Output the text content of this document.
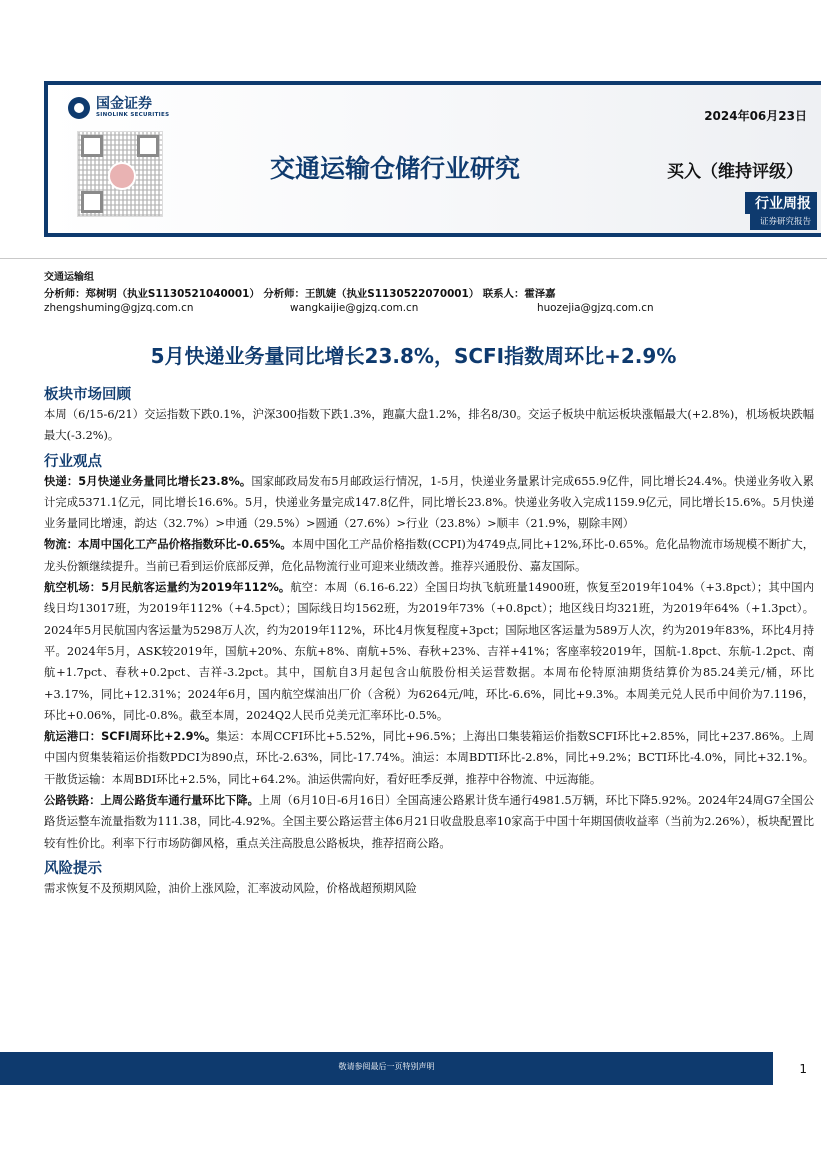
国金证券
SINOLINK SECURITIES	2024年06月23日
交通运输仓储行业研究	买入（维持评级）
行业周报
证券研究报告
交通运输组
分析师：郑树明（执业S1130521040001） 分析师：王凯婕（执业S1130522070001） 联系人：霍泽嘉
zhengshuming@gjzq.com.cn	wangkaijie@gjzq.com.cn	huozejia@gjzq.com.cn
5月快递业务量同比增长23.8%，SCFI指数周环比+2.9%
板块市场回顾

本周（6/15-6/21）交运指数下跌0.1%，沪深300指数下跌1.3%，跑赢大盘1.2%，排名8/30。交运子板块中航运板块涨幅最大(+2.8%)，机场板块跌幅最大(-3.2%)。

行业观点

快递：5月快递业务量同比增长23.8%。国家邮政局发布5月邮政运行情况，1-5月，快递业务量累计完成655.9亿件，同比增长24.4%。快递业务收入累计完成5371.1亿元，同比增长16.6%。5月，快递业务量完成147.8亿件，同比增长23.8%。快递业务收入完成1159.9亿元，同比增长15.6%。5月快递业务量同比增速，韵达（32.7%）>申通（29.5%）>圆通（27.6%）>行业（23.8%）>顺丰（21.9%，剔除丰网）

物流：本周中国化工产品价格指数环比-0.65%。本周中国化工产品价格指数(CCPI)为4749点,同比+12%,环比-0.65%。危化品物流市场规模不断扩大，龙头份额继续提升。当前已看到运价底部反弹，危化品物流行业可迎来业绩改善。推荐兴通股份、嘉友国际。

航空机场：5月民航客运量约为2019年112%。航空：本周（6.16-6.22）全国日均执飞航班量14900班，恢复至2019年104%（+3.8pct）；其中国内线日均13017班，为2019年112%（+4.5pct）；国际线日均1562班，为2019年73%（+0.8pct）；地区线日均321班，为2019年64%（+1.3pct）。2024年5月民航国内客运量为5298万人次，约为2019年112%，环比4月恢复程度+3pct；国际地区客运量为589万人次，约为2019年83%，环比4月持平。2024年5月，ASK较2019年，国航+20%、东航+8%、南航+5%、春秋+23%、吉祥+41%；客座率较2019年，国航-1.8pct、东航-1.2pct、南航+1.7pct、春秋+0.2pct、吉祥-3.2pct。其中，国航自3月起包含山航股份相关运营数据。本周布伦特原油期货结算价为85.24美元/桶，环比+3.17%，同比+12.31%；2024年6月，国内航空煤油出厂价（含税）为6264元/吨，环比-6.6%，同比+9.3%。本周美元兑人民币中间价为7.1196，环比+0.06%，同比-0.8%。截至本周，2024Q2人民币兑美元汇率环比-0.5%。

航运港口：SCFI周环比+2.9%。集运：本周CCFI环比+5.52%，同比+96.5%；上海出口集装箱运价指数SCFI环比+2.85%，同比+237.86%。上周中国内贸集装箱运价指数PDCI为890点，环比-2.63%，同比-17.74%。油运：本周BDTI环比-2.8%，同比+9.2%；BCTI环比-4.0%，同比+32.1%。干散货运输：本周BDI环比+2.5%，同比+64.2%。油运供需向好，看好旺季反弹，推荐中谷物流、中远海能。

公路铁路：上周公路货车通行量环比下降。上周（6月10日-6月16日）全国高速公路累计货车通行4981.5万辆，环比下降5.92%。2024年24周G7全国公路货运整车流量指数为111.38，同比-4.92%。全国主要公路运营主体6月21日收盘股息率10家高于中国十年期国债收益率（当前为2.26%），板块配置比较有性价比。利率下行市场防御风格，重点关注高股息公路板块，推荐招商公路。

风险提示

需求恢复不及预期风险，油价上涨风险，汇率波动风险，价格战超预期风险

敬请参阅最后一页特别声明	1
